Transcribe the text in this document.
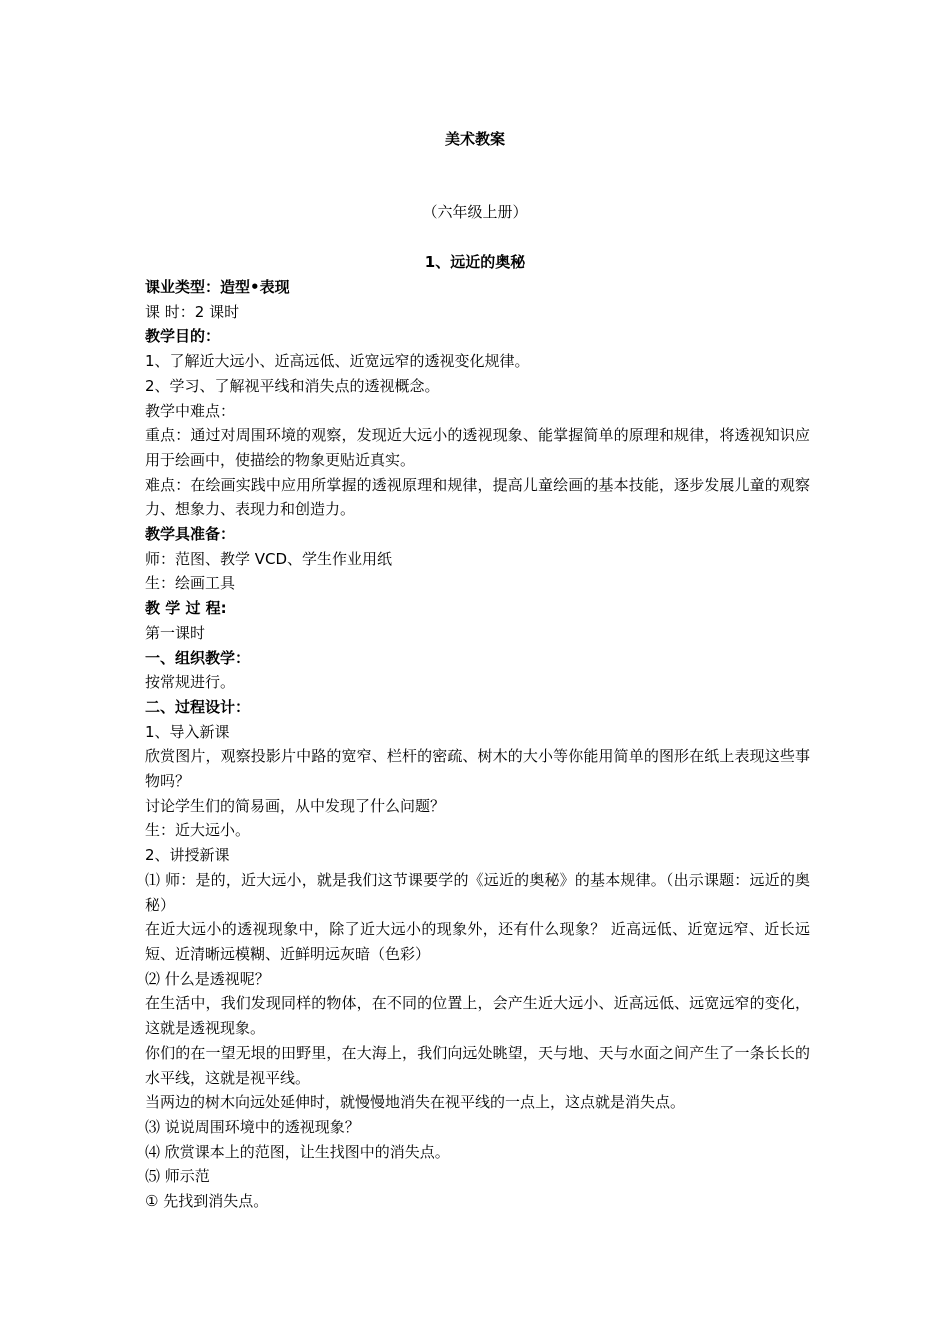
美术教案
（六年级上册）
1、远近的奥秘

课业类型：造型•表现

课 时：2 课时

教学目的：

1、了解近大远小、近高远低、近宽远窄的透视变化规律。

2、学习、了解视平线和消失点的透视概念。

教学中难点：

重点：通过对周围环境的观察，发现近大远小的透视现象、能掌握简单的原理和规律，将透视知识应用于绘画中，使描绘的物象更贴近真实。

难点：在绘画实践中应用所掌握的透视原理和规律，提高儿童绘画的基本技能，逐步发展儿童的观察力、想象力、表现力和创造力。

教学具准备：

师：范图、教学 VCD、学生作业用纸

生：绘画工具

教 学 过 程:

第一课时

一、组织教学：

按常规进行。

二、过程设计：

1、导入新课

欣赏图片，观察投影片中路的宽窄、栏杆的密疏、树木的大小等你能用简单的图形在纸上表现这些事物吗？

讨论学生们的简易画，从中发现了什么问题？

生：近大远小。

2、讲授新课

⑴ 师：是的，近大远小，就是我们这节课要学的《远近的奥秘》的基本规律。（出示课题：远近的奥秘）

在近大远小的透视现象中，除了近大远小的现象外，还有什么现象？ 近高远低、近宽远窄、近长远短、近清晰远模糊、近鲜明远灰暗（色彩）

⑵ 什么是透视呢？

在生活中，我们发现同样的物体，在不同的位置上，会产生近大远小、近高远低、远宽远窄的变化，这就是透视现象。

你们的在一望无垠的田野里，在大海上，我们向远处眺望，天与地、天与水面之间产生了一条长长的水平线，这就是视平线。

当两边的树木向远处延伸时，就慢慢地消失在视平线的一点上，这点就是消失点。

⑶ 说说周围环境中的透视现象？

⑷ 欣赏课本上的范图，让生找图中的消失点。

⑸ 师示范

① 先找到消失点。
